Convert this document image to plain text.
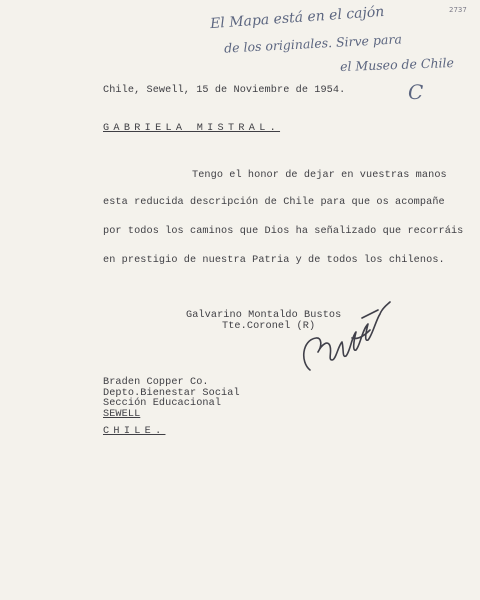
2737
El Mapa está en el cajón
de los originales. Sirve para
el Museo de Chile
C
Chile, Sewell, 15 de Noviembre de 1954.
GABRIELA MISTRAL.
Tengo el honor de dejar en vuestras manos
esta reducida descripción de Chile para que os acompañe
por todos los caminos que Dios ha señalizado que recorráis
en prestigio de nuestra Patria y de todos los chilenos.
Galvarino Montaldo Bustos
Tte.Coronel (R)
Braden Copper Co.
Depto.Bienestar Social
Sección Educacional
SEWELL
CHILE.
